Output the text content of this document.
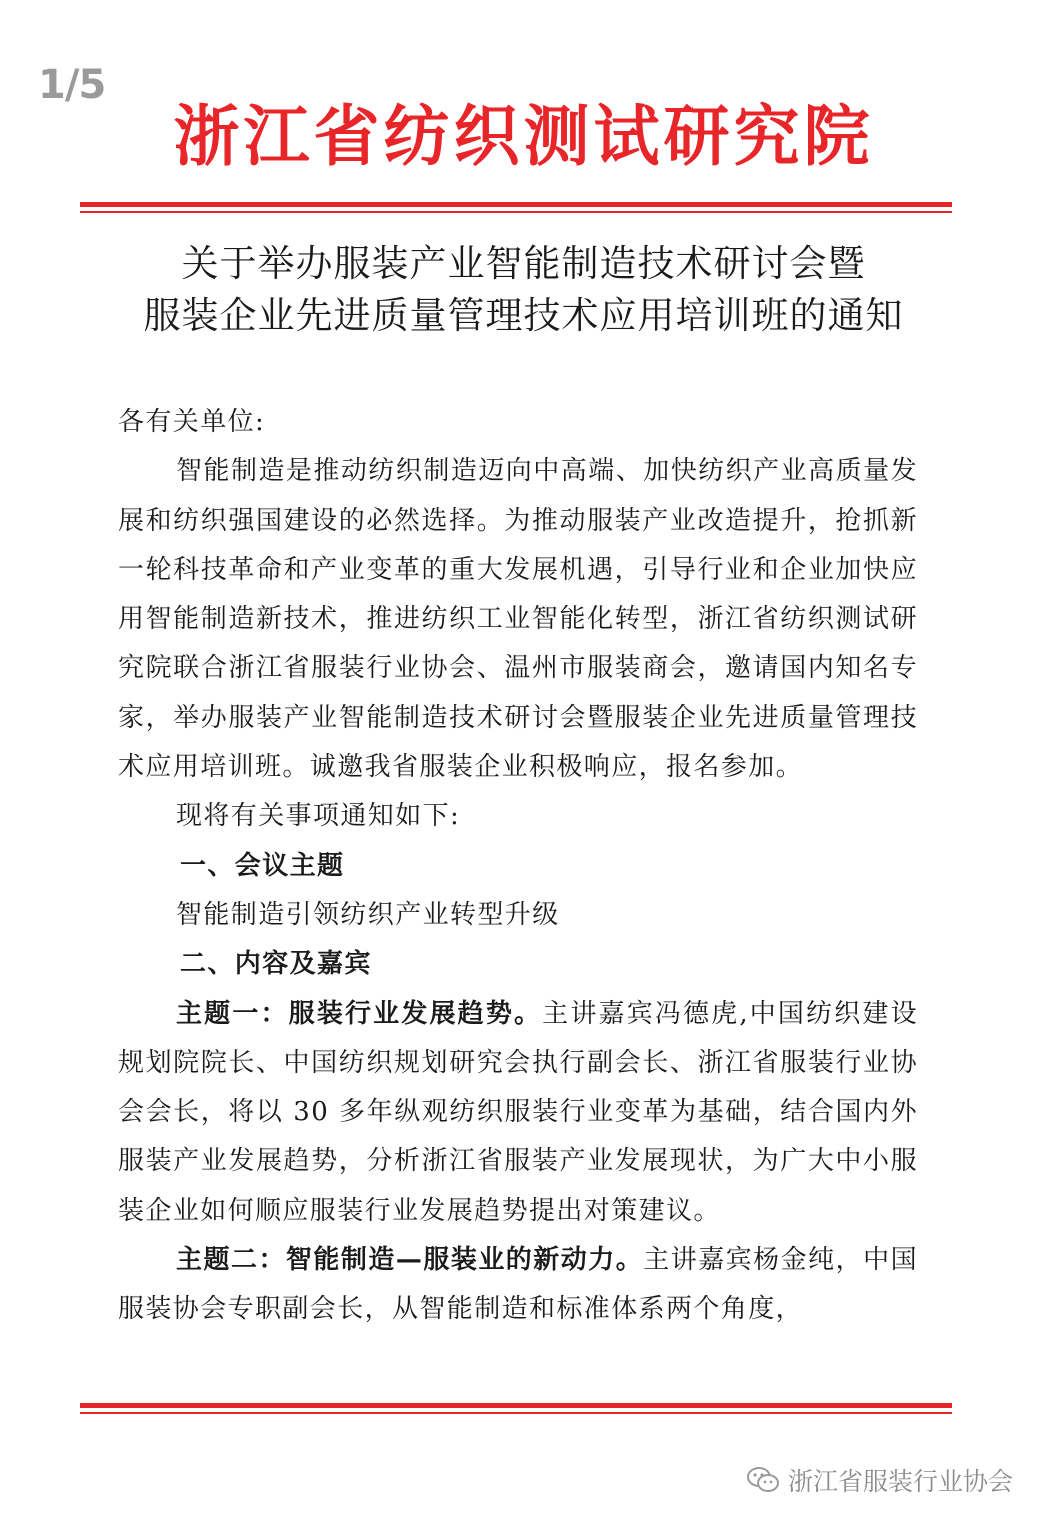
1/5
浙江省纺织测试研究院
关于举办服装产业智能制造技术研讨会暨
服装企业先进质量管理技术应用培训班的通知

各有关单位:

智能制造是推动纺织制造迈向中高端、加快纺织产业高质量发展和纺织强国建设的必然选择。为推动服装产业改造提升，抢抓新一轮科技革命和产业变革的重大发展机遇，引导行业和企业加快应用智能制造新技术，推进纺织工业智能化转型，浙江省纺织测试研究院联合浙江省服装行业协会、温州市服装商会，邀请国内知名专家，举办服装产业智能制造技术研讨会暨服装企业先进质量管理技术应用培训班。诚邀我省服装企业积极响应，报名参加。

现将有关事项通知如下:

一、会议主题

智能制造引领纺织产业转型升级

二、内容及嘉宾

主题一：服装行业发展趋势。主讲嘉宾冯德虎,中国纺织建设规划院院长、中国纺织规划研究会执行副会长、浙江省服装行业协会会长，将以 30 多年纵观纺织服装行业变革为基础，结合国内外服装产业发展趋势，分析浙江省服装产业发展现状，为广大中小服装企业如何顺应服装行业发展趋势提出对策建议。

主题二：智能制造—服装业的新动力。主讲嘉宾杨金纯，中国服装协会专职副会长，从智能制造和标准体系两个角度，

浙江省服装行业协会
